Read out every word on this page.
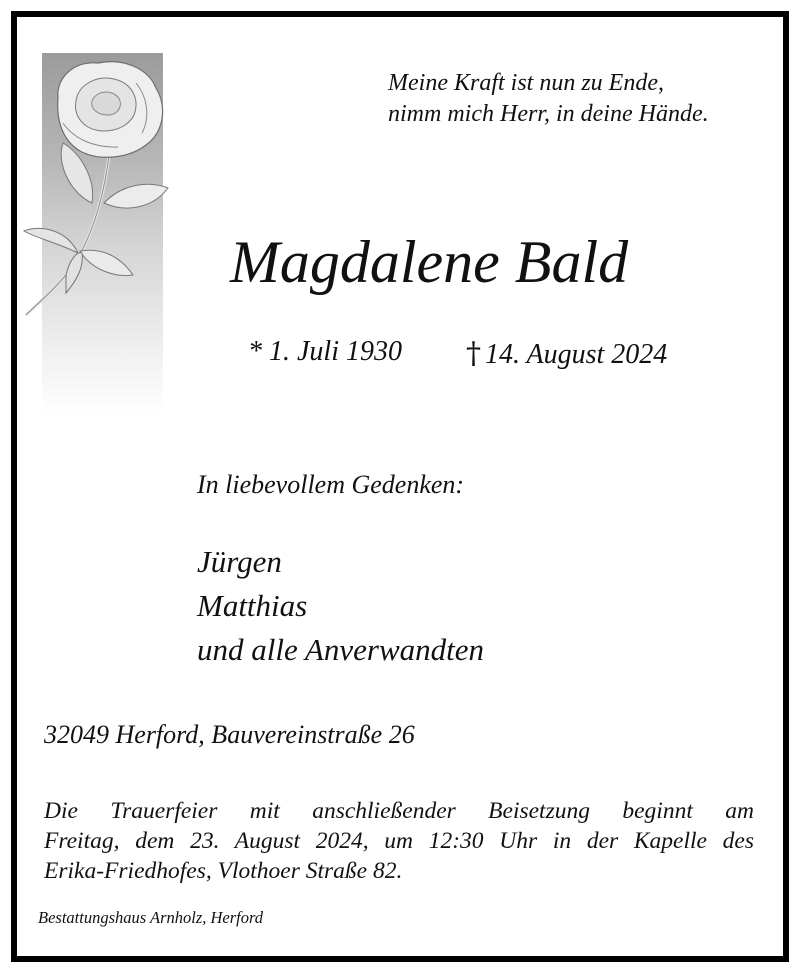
Meine Kraft ist nun zu Ende,
nimm mich Herr, in deine Hände.
Magdalene Bald
* 1. Juli 1930 † 14. August 2024
In liebevollem Gedenken:
Jürgen
Matthias
und alle Anverwandten
32049 Herford, Bauvereinstraße 26
Die Trauerfeier mit anschließender Beisetzung beginnt am
Freitag, dem 23. August 2024, um 12:30 Uhr in der Kapelle des
Erika-Friedhofes, Vlothoer Straße 82.
Bestattungshaus Arnholz, Herford
